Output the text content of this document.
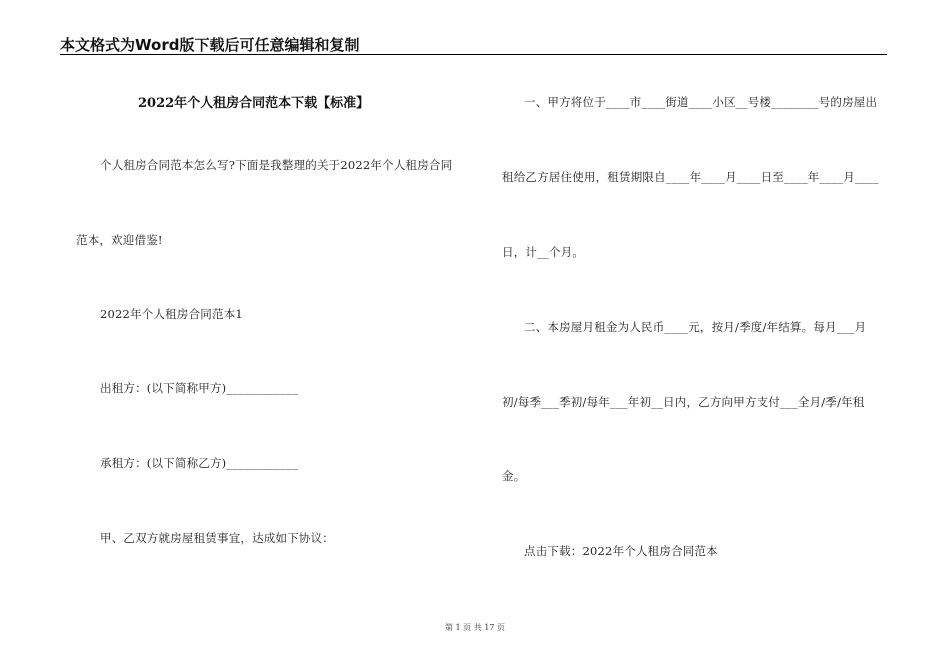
本文格式为Word版下载后可任意编辑和复制
2022年个人租房合同范本下载【标准】
个人租房合同范本怎么写?下面是我整理的关于2022年个人租房合同
范本，欢迎借鉴!
2022年个人租房合同范本1
出租方：(以下简称甲方)____________
承租方：(以下简称乙方)____________
甲、乙双方就房屋租赁事宜，达成如下协议：
一、甲方将位于____市____街道____小区__号楼________号的房屋出
租给乙方居住使用，租赁期限自____年____月____日至____年____月____
日，计__个月。
二、本房屋月租金为人民币____元，按月/季度/年结算。每月___月
初/每季___季初/每年___年初__日内，乙方向甲方支付___全月/季/年租
金。
点击下载：2022年个人租房合同范本
第 1 页 共 17 页
